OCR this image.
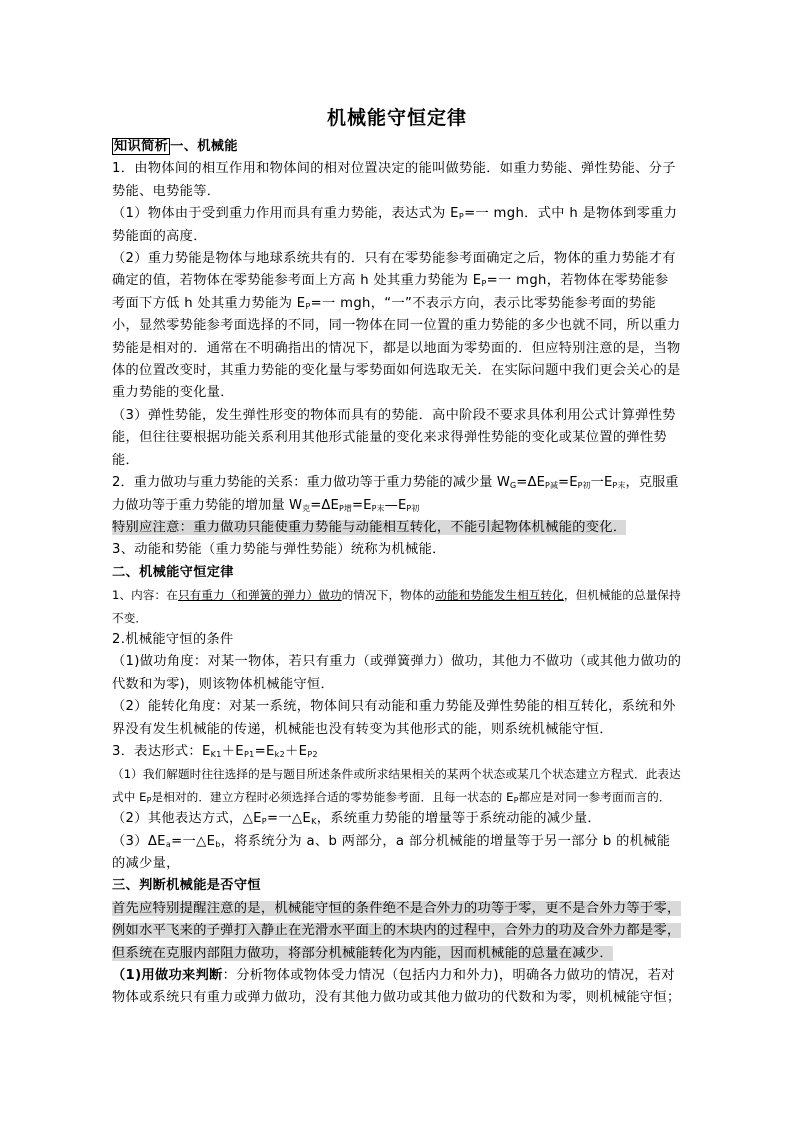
机械能守恒定律

知识简析 一、机械能

1．由物体间的相互作用和物体间的相对位置决定的能叫做势能．如重力势能、弹性势能、分子势能、电势能等．

（1）物体由于受到重力作用而具有重力势能，表达式为 $E_P=$一 mgh．式中 h 是物体到零重力势能面的高度．

（2）重力势能是物体与地球系统共有的．只有在零势能参考面确定之后，物体的重力势能才有确定的值，若物体在零势能参考面上方高 h 处其重力势能为 $E_P=$一 mgh，若物体在零势能参考面下方低 h 处其重力势能为 $E_P=$一 mgh，“一”不表示方向，表示比零势能参考面的势能小，显然零势能参考面选择的不同，同一物体在同一位置的重力势能的多少也就不同，所以重力势能是相对的．通常在不明确指出的情况下，都是以地面为零势面的．但应特别注意的是，当物体的位置改变时，其重力势能的变化量与零势面如何选取无关．在实际问题中我们更会关心的是重力势能的变化量．

（3）弹性势能，发生弹性形变的物体而具有的势能．高中阶段不要求具体利用公式计算弹性势能，但往往要根据功能关系利用其他形式能量的变化来求得弹性势能的变化或某位置的弹性势能．

2．重力做功与重力势能的关系：重力做功等于重力势能的减少量 $W_G=\Delta E_{P减}=E_{P初}$一$E_{P末}$，克服重力做功等于重力势能的增加量 $W_克=\Delta E_{P增}=E_{P末}—E_{P初}$

特别应注意：重力做功只能使重力势能与动能相互转化，不能引起物体机械能的变化．

3、动能和势能（重力势能与弹性势能）统称为机械能．

二、机械能守恒定律

1、内容：在只有重力（和弹簧的弹力）做功的情况下，物体的动能和势能发生相互转化，但机械能的总量保持不变．

2.机械能守恒的条件

（1)做功角度：对某一物体，若只有重力（或弹簧弹力）做功，其他力不做功（或其他力做功的代数和为零)，则该物体机械能守恒．

（2）能转化角度：对某一系统，物体间只有动能和重力势能及弹性势能的相互转化，系统和外界没有发生机械能的传递，机械能也没有转变为其他形式的能，则系统机械能守恒．

3．表达形式：$E_{K1}+E_{P1}=E_{k2}+E_{P2}$

（1）我们解题时往往选择的是与题目所述条件或所求结果相关的某两个状态或某几个状态建立方程式．此表达式中 $E_P$是相对的．建立方程时必须选择合适的零势能参考面．且每一状态的 $E_P$都应是对同一参考面而言的．

（2）其他表达方式，$\triangle E_P=$一$\triangle E_K$，系统重力势能的增量等于系统动能的减少量．

$(3)\Delta E_a=$一$\triangle E_b$，将系统分为 a、b 两部分，a 部分机械能的增量等于另一部分 b 的机械能的减少量，

三、判断机械能是否守恒

首先应特别提醒注意的是，机械能守恒的条件绝不是合外力的功等于零，更不是合外力等于零，例如水平飞来的子弹打入静止在光滑水平面上的木块内的过程中，合外力的功及合外力都是零，但系统在克服内部阻力做功，将部分机械能转化为内能，因而机械能的总量在减少．

（1)用做功来判断：分析物体或物体受力情况（包括内力和外力)，明确各力做功的情况，若对物体或系统只有重力或弹力做功，没有其他力做功或其他力做功的代数和为零，则机械能守恒；
